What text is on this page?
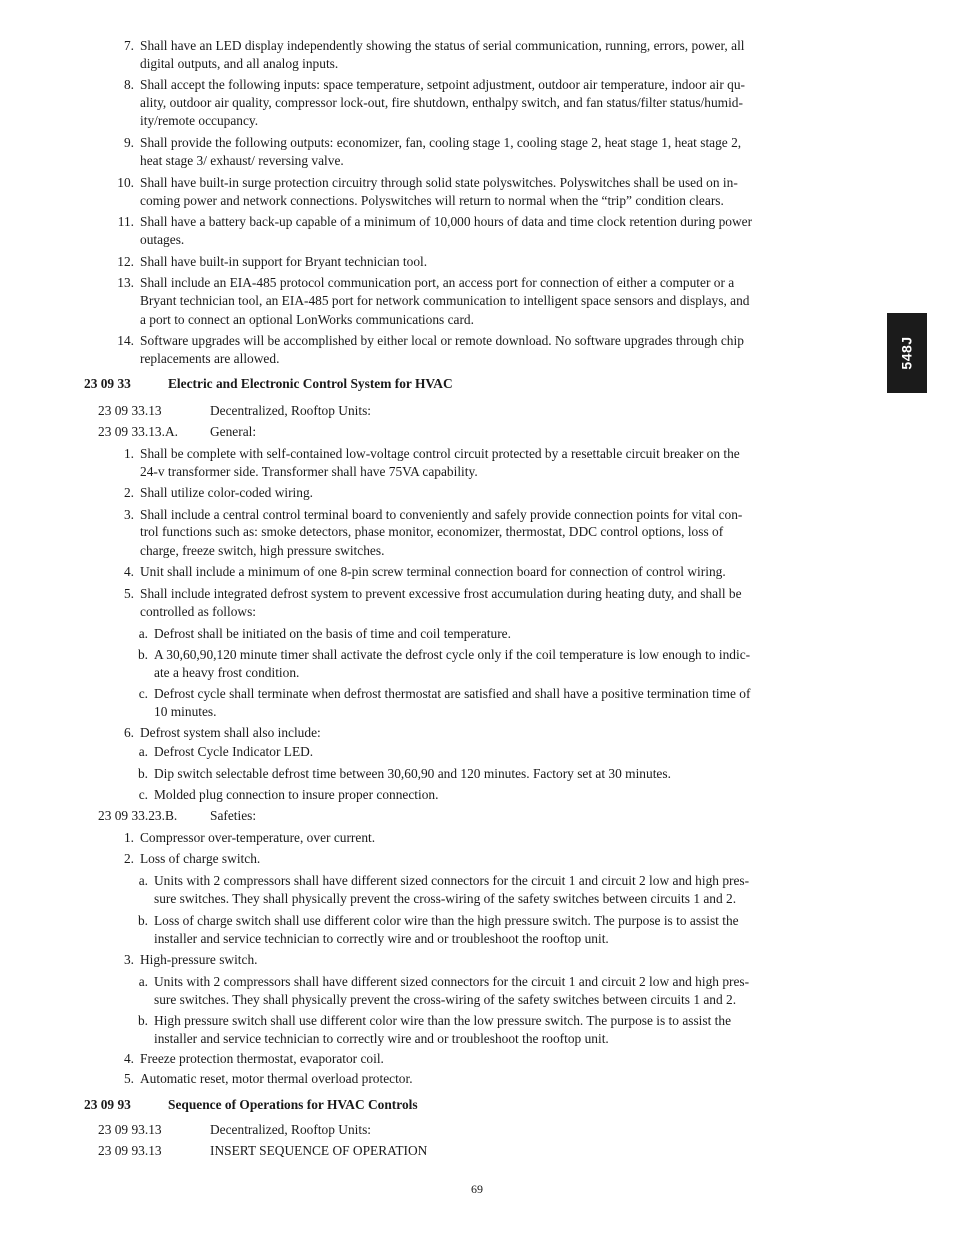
7. Shall have an LED display independently showing the status of serial communication, running, errors, power, all
digital outputs, and all analog inputs.
8. Shall accept the following inputs: space temperature, setpoint adjustment, outdoor air temperature, indoor air qu-
ality, outdoor air quality, compressor lock-out, fire shutdown, enthalpy switch, and fan status/filter status/humid-
ity/remote occupancy.
9. Shall provide the following outputs: economizer, fan, cooling stage 1, cooling stage 2, heat stage 1, heat stage 2,
heat stage 3/ exhaust/ reversing valve.
10. Shall have built-in surge protection circuitry through solid state polyswitches. Polyswitches shall be used on in-
coming power and network connections. Polyswitches will return to normal when the “trip” condition clears.
11. Shall have a battery back-up capable of a minimum of 10,000 hours of data and time clock retention during power
outages.
12. Shall have built-in support for Bryant technician tool.
13. Shall include an EIA-485 protocol communication port, an access port for connection of either a computer or a
Bryant technician tool, an EIA-485 port for network communication to intelligent space sensors and displays, and
a port to connect an optional LonWorks communications card.
14. Software upgrades will be accomplished by either local or remote download. No software upgrades through chip
replacements are allowed.
23 09 33	Electric and Electronic Control System for HVAC
23 09 33.13	Decentralized, Rooftop Units:
23 09 33.13.A. General:
1. Shall be complete with self-contained low-voltage control circuit protected by a resettable circuit breaker on the
24-v transformer side. Transformer shall have 75VA capability.
2. Shall utilize color-coded wiring.
3. Shall include a central control terminal board to conveniently and safely provide connection points for vital con-
trol functions such as: smoke detectors, phase monitor, economizer, thermostat, DDC control options, loss of
charge, freeze switch, high pressure switches.
4. Unit shall include a minimum of one 8-pin screw terminal connection board for connection of control wiring.
5. Shall include integrated defrost system to prevent excessive frost accumulation during heating duty, and shall be
controlled as follows:
a. Defrost shall be initiated on the basis of time and coil temperature.
b. A 30,60,90,120 minute timer shall activate the defrost cycle only if the coil temperature is low enough to indic-
ate a heavy frost condition.
c. Defrost cycle shall terminate when defrost thermostat are satisfied and shall have a positive termination time of
10 minutes.
6. Defrost system shall also include:
a. Defrost Cycle Indicator LED.
b. Dip switch selectable defrost time between 30,60,90 and 120 minutes. Factory set at 30 minutes.
c. Molded plug connection to insure proper connection.
23 09 33.23.B. Safeties:
1. Compressor over-temperature, over current.
2. Loss of charge switch.
a. Units with 2 compressors shall have different sized connectors for the circuit 1 and circuit 2 low and high pres-
sure switches. They shall physically prevent the cross-wiring of the safety switches between circuits 1 and 2.
b. Loss of charge switch shall use different color wire than the high pressure switch. The purpose is to assist the
installer and service technician to correctly wire and or troubleshoot the rooftop unit.
3. High-pressure switch.
a. Units with 2 compressors shall have different sized connectors for the circuit 1 and circuit 2 low and high pres-
sure switches. They shall physically prevent the cross-wiring of the safety switches between circuits 1 and 2.
b. High pressure switch shall use different color wire than the low pressure switch. The purpose is to assist the
installer and service technician to correctly wire and or troubleshoot the rooftop unit.
4. Freeze protection thermostat, evaporator coil.
5. Automatic reset, motor thermal overload protector.
23 09 93	Sequence of Operations for HVAC Controls
23 09 93.13	Decentralized, Rooftop Units:
23 09 93.13	INSERT SEQUENCE OF OPERATION
548J
69
